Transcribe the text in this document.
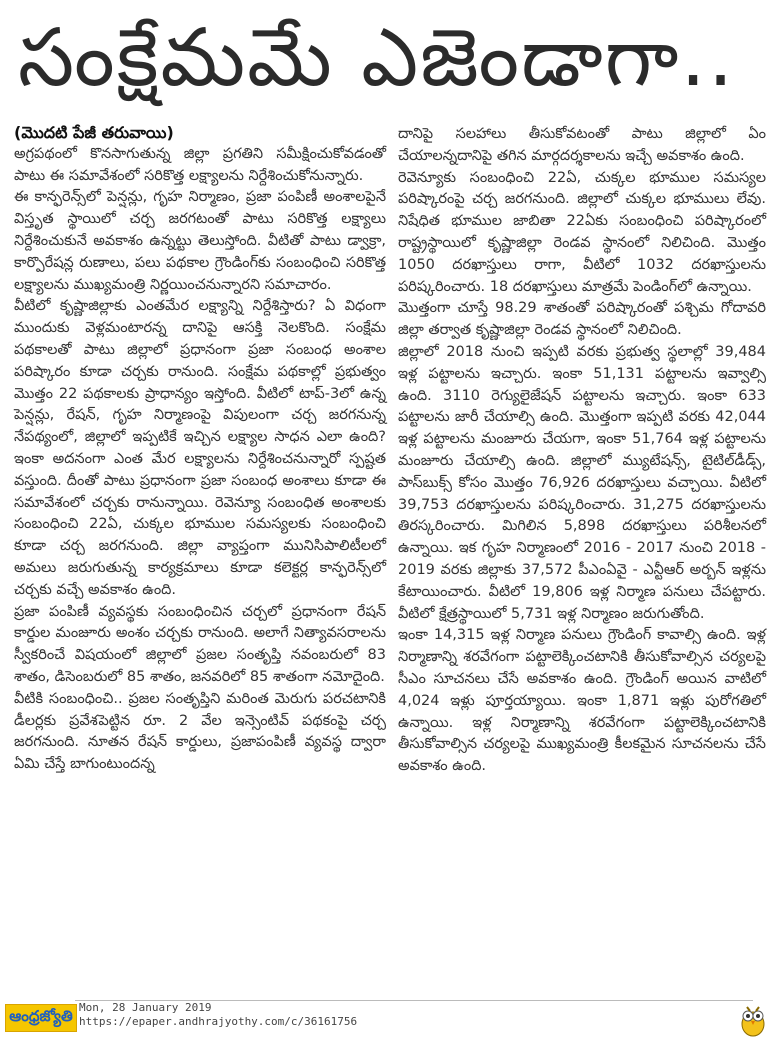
సంక్షేమమే ఎజెండాగా..

(మొదటి పేజీ తరువాయి)

అగ్రపథంలో కొనసాగుతున్న జిల్లా ప్రగతిని సమీక్షించుకోవడంతో పాటు ఈ సమావేశంలో సరికొత్త లక్ష్యాలను నిర్దేశించుకోనున్నారు.

ఈ కాన్ఫరెన్స్‌లో పెన్షన్లు, గృహ నిర్మాణం, ప్రజా పంపిణీ అంశాలపైనే విస్తృత స్థాయిలో చర్చ జరగటంతో పాటు సరికొత్త లక్ష్యాలు నిర్దేశించుకునే అవకాశం ఉన్నట్టు తెలుస్తోంది. వీటితో పాటు డ్వాక్రా, కార్పొరేషన్ల రుణాలు, పలు పథకాల గ్రౌండింగ్‌కు సంబంధించి సరికొత్త లక్ష్యాలను ముఖ్యమంత్రి నిర్ణయించనున్నారని సమాచారం.

వీటిలో కృష్ణాజిల్లాకు ఎంతమేర లక్ష్యాన్ని నిర్దేశిస్తారు? ఏ విధంగా ముందుకు వెళ్లమంటారన్న దానిపై ఆసక్తి నెలకొంది. సంక్షేమ పథకాలతో పాటు జిల్లాలో ప్రధానంగా ప్రజా సంబంధ అంశాల పరిష్కారం కూడా చర్చకు రానుంది. సంక్షేమ పథకాల్లో ప్రభుత్వం మొత్తం 22 పథకాలకు ప్రాధాన్యం ఇస్తోంది. వీటిలో టాప్‌-3లో ఉన్న పెన్షన్లు, రేషన్, గృహ నిర్మాణంపై విపులంగా చర్చ జరగనున్న నేపథ్యంలో, జిల్లాలో ఇప్పటికే ఇచ్చిన లక్ష్యాల సాధన ఎలా ఉంది? ఇంకా అదనంగా ఎంత మేర లక్ష్యాలను నిర్దేశించనున్నారో స్పష్టత వస్తుంది. దీంతో పాటు ప్రధానంగా ప్రజా సంబంధ అంశాలు కూడా ఈ సమావేశంలో చర్చకు రానున్నాయి. రెవెన్యూ సంబంధిత అంశాలకు సంబంధించి 22ఏ, చుక్కల భూముల సమస్యలకు సంబంధించి కూడా చర్చ జరగనుంది. జిల్లా వ్యాప్తంగా మునిసిపాలిటీలలో అమలు జరుగుతున్న కార్యక్రమాలు కూడా కలెక్టర్ల కాన్ఫరెన్స్‌లో చర్చకు వచ్చే అవకాశం ఉంది.

ప్రజా పంపిణీ వ్యవస్థకు సంబంధించిన చర్చలో ప్రధానంగా రేషన్ కార్డుల మంజూరు అంశం చర్చకు రానుంది. అలాగే నిత్యావసరాలను స్వీకరించే విషయంలో జిల్లాలో ప్రజల సంతృప్తి నవంబరులో 83 శాతం, డిసెంబరులో 85 శాతం, జనవరిలో 85 శాతంగా నమోదైంది.

వీటికి సంబంధించి.. ప్రజల సంతృప్తిని మరింత మెరుగు పరచటానికి డీలర్లకు ప్రవేశపెట్టిన రూ. 2 వేల ఇన్సెంటివ్ పథకంపై చర్చ జరగనుంది. నూతన రేషన్ కార్డులు, ప్రజాపంపిణీ వ్యవస్థ ద్వారా ఏమి చేస్తే బాగుంటుందన్న

దానిపై సలహాలు తీసుకోవటంతో పాటు జిల్లాలో ఏం చేయాలన్నదానిపై తగిన మార్గదర్శకాలను ఇచ్చే అవకాశం ఉంది.

రెవెన్యూకు సంబంధించి 22ఏ, చుక్కల భూముల సమస్యల పరిష్కారంపై చర్చ జరగనుంది. జిల్లాలో చుక్కల భూములు లేవు. నిషేధిత భూముల జాబితా 22ఏకు సంబంధించి పరిష్కారంలో రాష్ట్రస్థాయిలో కృష్ణాజిల్లా రెండవ స్థానంలో నిలిచింది. మొత్తం 1050 దరఖాస్తులు రాగా, వీటిలో 1032 దరఖాస్తులను పరిష్కరించారు. 18 దరఖాస్తులు మాత్రమే పెండింగ్‌లో ఉన్నాయి.

మొత్తంగా చూస్తే 98.29 శాతంతో పరిష్కారంతో పశ్చిమ గోదావరి జిల్లా తర్వాత కృష్ణాజిల్లా రెండవ స్థానంలో నిలిచింది.

జిల్లాలో 2018 నుంచి ఇప్పటి వరకు ప్రభుత్వ స్థలాల్లో 39,484 ఇళ్ల పట్టాలను ఇచ్చారు. ఇంకా 51,131 పట్టాలను ఇవ్వాల్సి ఉంది. 3110 రెగ్యులైజేషన్ పట్టాలను ఇచ్చారు. ఇంకా 633 పట్టాలను జారీ చేయాల్సి ఉంది. మొత్తంగా ఇప్పటి వరకు 42,044 ఇళ్ల పట్టాలను మంజూరు చేయగా, ఇంకా 51,764 ఇళ్ల పట్టాలను మంజూరు చేయాల్సి ఉంది. జిల్లాలో మ్యుటేషన్స్, టైటిల్‌డీడ్స్, పాస్‌బుక్స్ కోసం మొత్తం 76,926 దరఖాస్తులు వచ్చాయి. వీటిలో 39,753 దరఖాస్తులను పరిష్కరించారు. 31,275 దరఖాస్తులను తిరస్కరించారు. మిగిలిన 5,898 దరఖాస్తులు పరిశీలనలో ఉన్నాయి. ఇక గృహ నిర్మాణంలో 2016 - 2017 నుంచి 2018 - 2019 వరకు జిల్లాకు 37,572 పీఎంఏవై - ఎన్టీఆర్ అర్బన్ ఇళ్లను కేటాయించారు. వీటిలో 19,806 ఇళ్ల నిర్మాణ పనులు చేపట్టారు. వీటిలో క్షేత్రస్థాయిలో 5,731 ఇళ్ల నిర్మాణం జరుగుతోంది.

ఇంకా 14,315 ఇళ్ల నిర్మాణ పనులు గ్రౌండింగ్ కావాల్సి ఉంది. ఇళ్ల నిర్మాణాన్ని శరవేగంగా పట్టాలెక్కించటానికి తీసుకోవాల్సిన చర్యలపై సీఎం సూచనలు చేసే అవకాశం ఉంది. గ్రౌండింగ్ అయిన వాటిలో 4,024 ఇళ్లు పూర్తయ్యాయి. ఇంకా 1,871 ఇళ్లు పురోగతిలో ఉన్నాయి. ఇళ్ల నిర్మాణాన్ని శరవేగంగా పట్టాలెక్కించటానికి తీసుకోవాల్సిన చర్యలపై ముఖ్యమంత్రి కీలకమైన సూచనలను చేసే అవకాశం ఉంది.

ఆంధ్రజ్యోతి Mon, 28 January 2019
https://epaper.andhrajyothy.com/c/36161756
